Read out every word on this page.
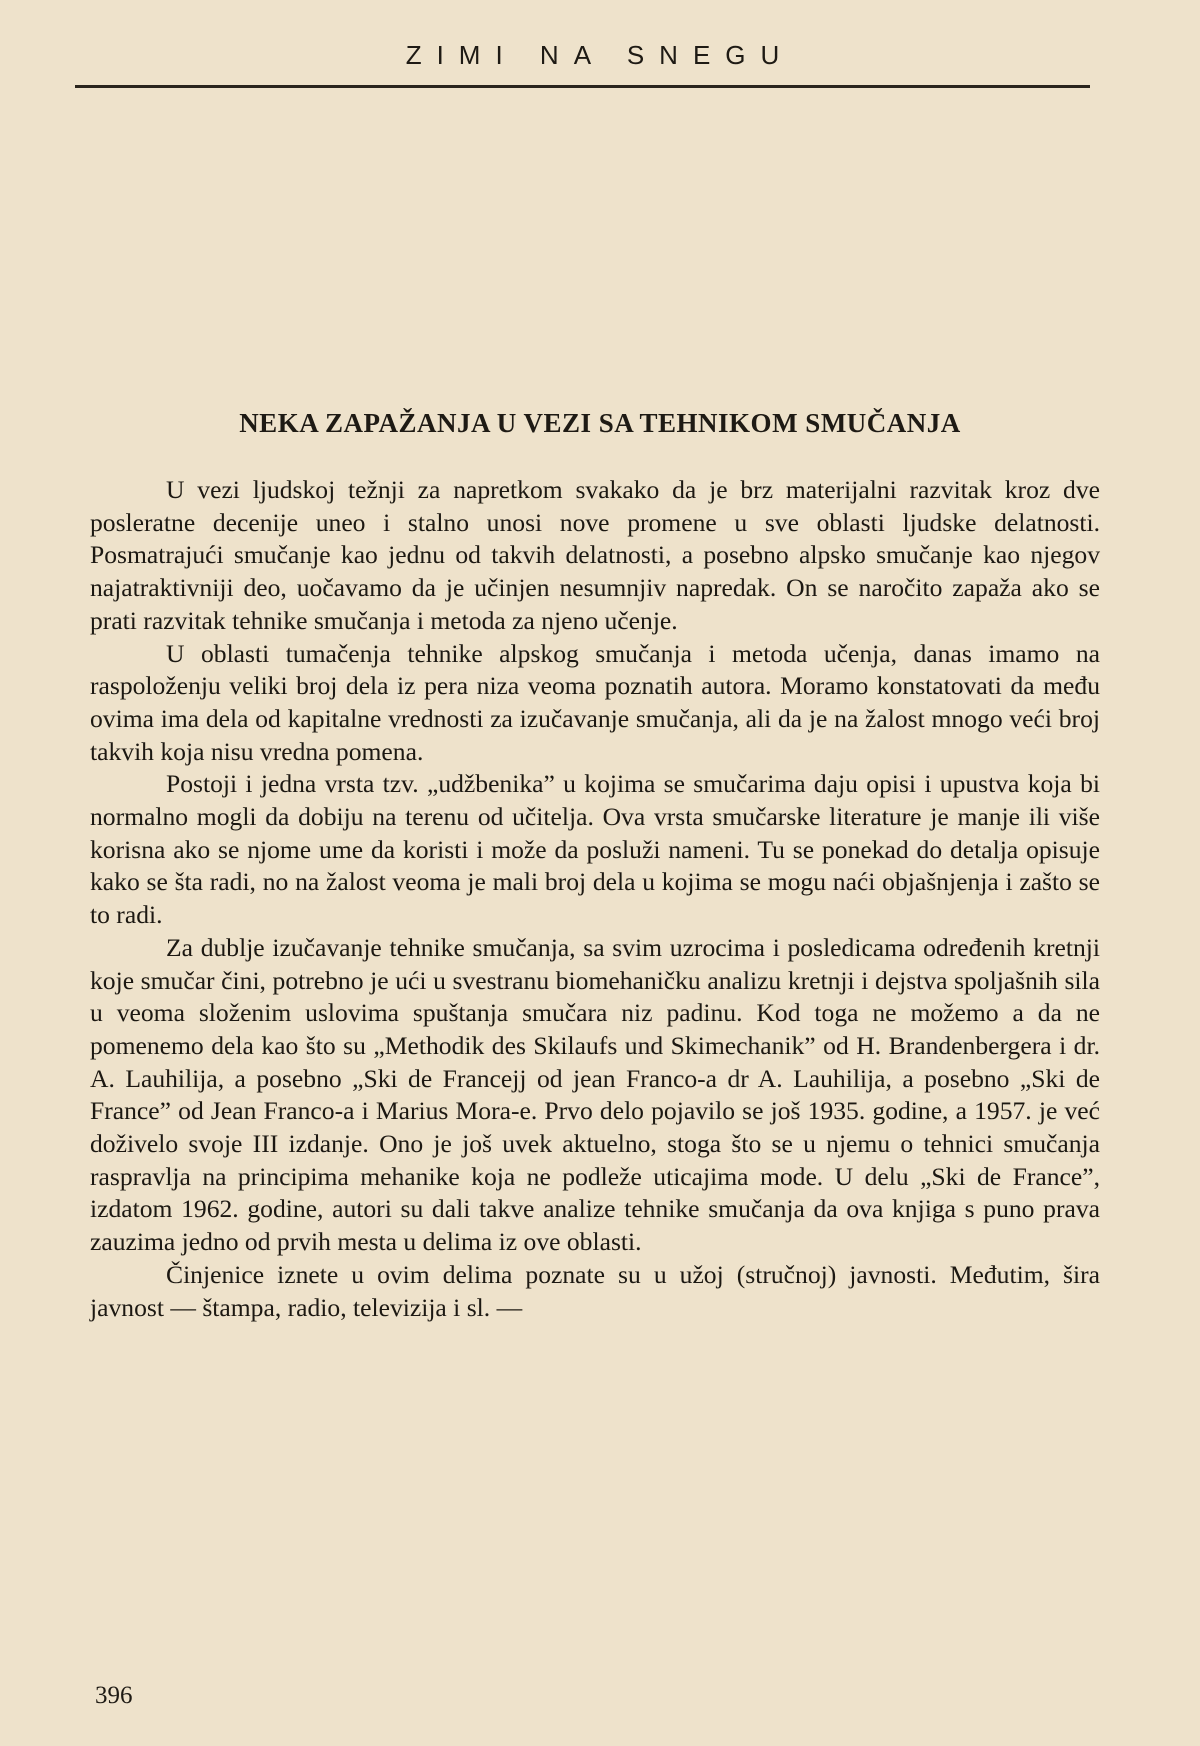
ZIMI NA SNEGU
NEKA ZAPAŽANJA U VEZI SA TEHNIKOM SMUČANJA

U vezi ljudskoj težnji za napretkom svakako da je brz materijalni razvitak kroz dve posleratne decenije uneo i stalno unosi nove promene u sve oblasti ljudske delatnosti. Posmatrajući smučanje kao jednu od takvih delatnosti, a posebno alpsko smučanje kao njegov najatraktivniji deo, uočavamo da je učinjen nesumnjiv napredak. On se naročito zapaža ako se prati razvitak tehnike smučanja i metoda za njeno učenje.

U oblasti tumačenja tehnike alpskog smučanja i metoda učenja, danas imamo na raspoloženju veliki broj dela iz pera niza veoma poznatih autora. Moramo konstatovati da među ovima ima dela od kapitalne vrednosti za izučavanje smučanja, ali da je na žalost mnogo veći broj takvih koja nisu vredna pomena.

Postoji i jedna vrsta tzv. „udžbenika” u kojima se smučarima daju opisi i upustva koja bi normalno mogli da dobiju na terenu od učitelja. Ova vrsta smučarske literature je manje ili više korisna ako se njome ume da koristi i može da posluži nameni. Tu se ponekad do detalja opisuje kako se šta radi, no na žalost veoma je mali broj dela u kojima se mogu naći objašnjenja i zašto se to radi.

Za dublje izučavanje tehnike smučanja, sa svim uzrocima i posledicama određenih kretnji koje smučar čini, potrebno je ući u svestranu biomehaničku analizu kretnji i dejstva spoljašnih sila u veoma složenim uslovima spuštanja smučara niz padinu. Kod toga ne možemo a da ne pomenemo dela kao što su „Methodik des Skilaufs und Skimechanik” od H. Brandenbergera i dr. A. Lauhilija, a posebno „Ski de Francejj od jean Franco-a dr A. Lauhilija, a posebno „Ski de France” od Jean Franco-a i Marius Mora-e. Prvo delo pojavilo se još 1935. godine, a 1957. je već doživelo svoje III izdanje. Ono je još uvek aktuelno, stoga što se u njemu o tehnici smučanja raspravlja na principima mehanike koja ne podleže uticajima mode. U delu „Ski de France”, izdatom 1962. godine, autori su dali takve analize tehnike smučanja da ova knjiga s puno prava zauzima jedno od prvih mesta u delima iz ove oblasti.

Činjenice iznete u ovim delima poznate su u užoj (stručnoj) javnosti. Međutim, šira javnost — štampa, radio, televizija i sl. —

396
